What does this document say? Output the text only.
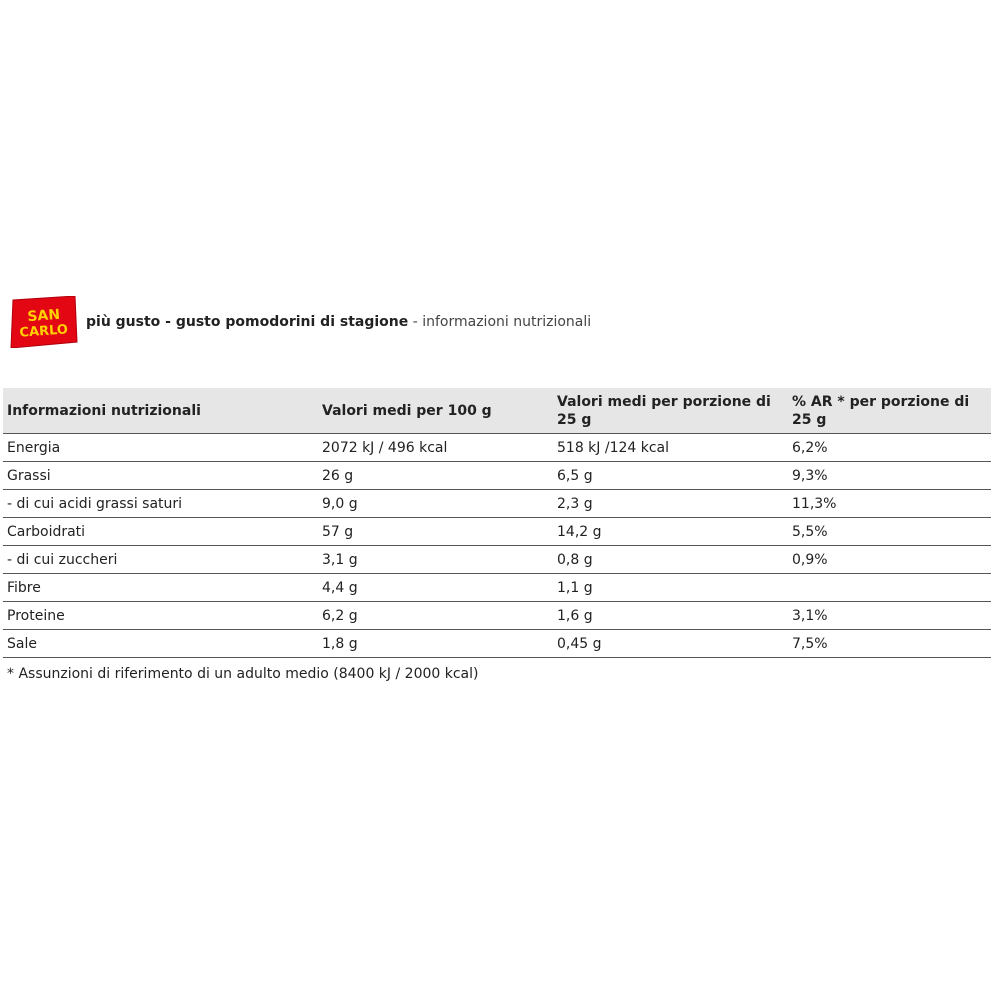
SAN
CARLO
più gusto - gusto pomodorini di stagione - informazioni nutrizionali
Informazioni nutrizionali	Valori medi per 100 g	Valori medi per porzione di 25 g	% AR * per porzione di 25 g
Energia	2072 kJ / 496 kcal	518 kJ /124 kcal	6,2%
Grassi	26 g	6,5 g	9,3%
- di cui acidi grassi saturi	9,0 g	2,3 g	11,3%
Carboidrati	57 g	14,2 g	5,5%
- di cui zuccheri	3,1 g	0,8 g	0,9%
Fibre	4,4 g	1,1 g	
Proteine	6,2 g	1,6 g	3,1%
Sale	1,8 g	0,45 g	7,5%
* Assunzioni di riferimento di un adulto medio (8400 kJ / 2000 kcal)
